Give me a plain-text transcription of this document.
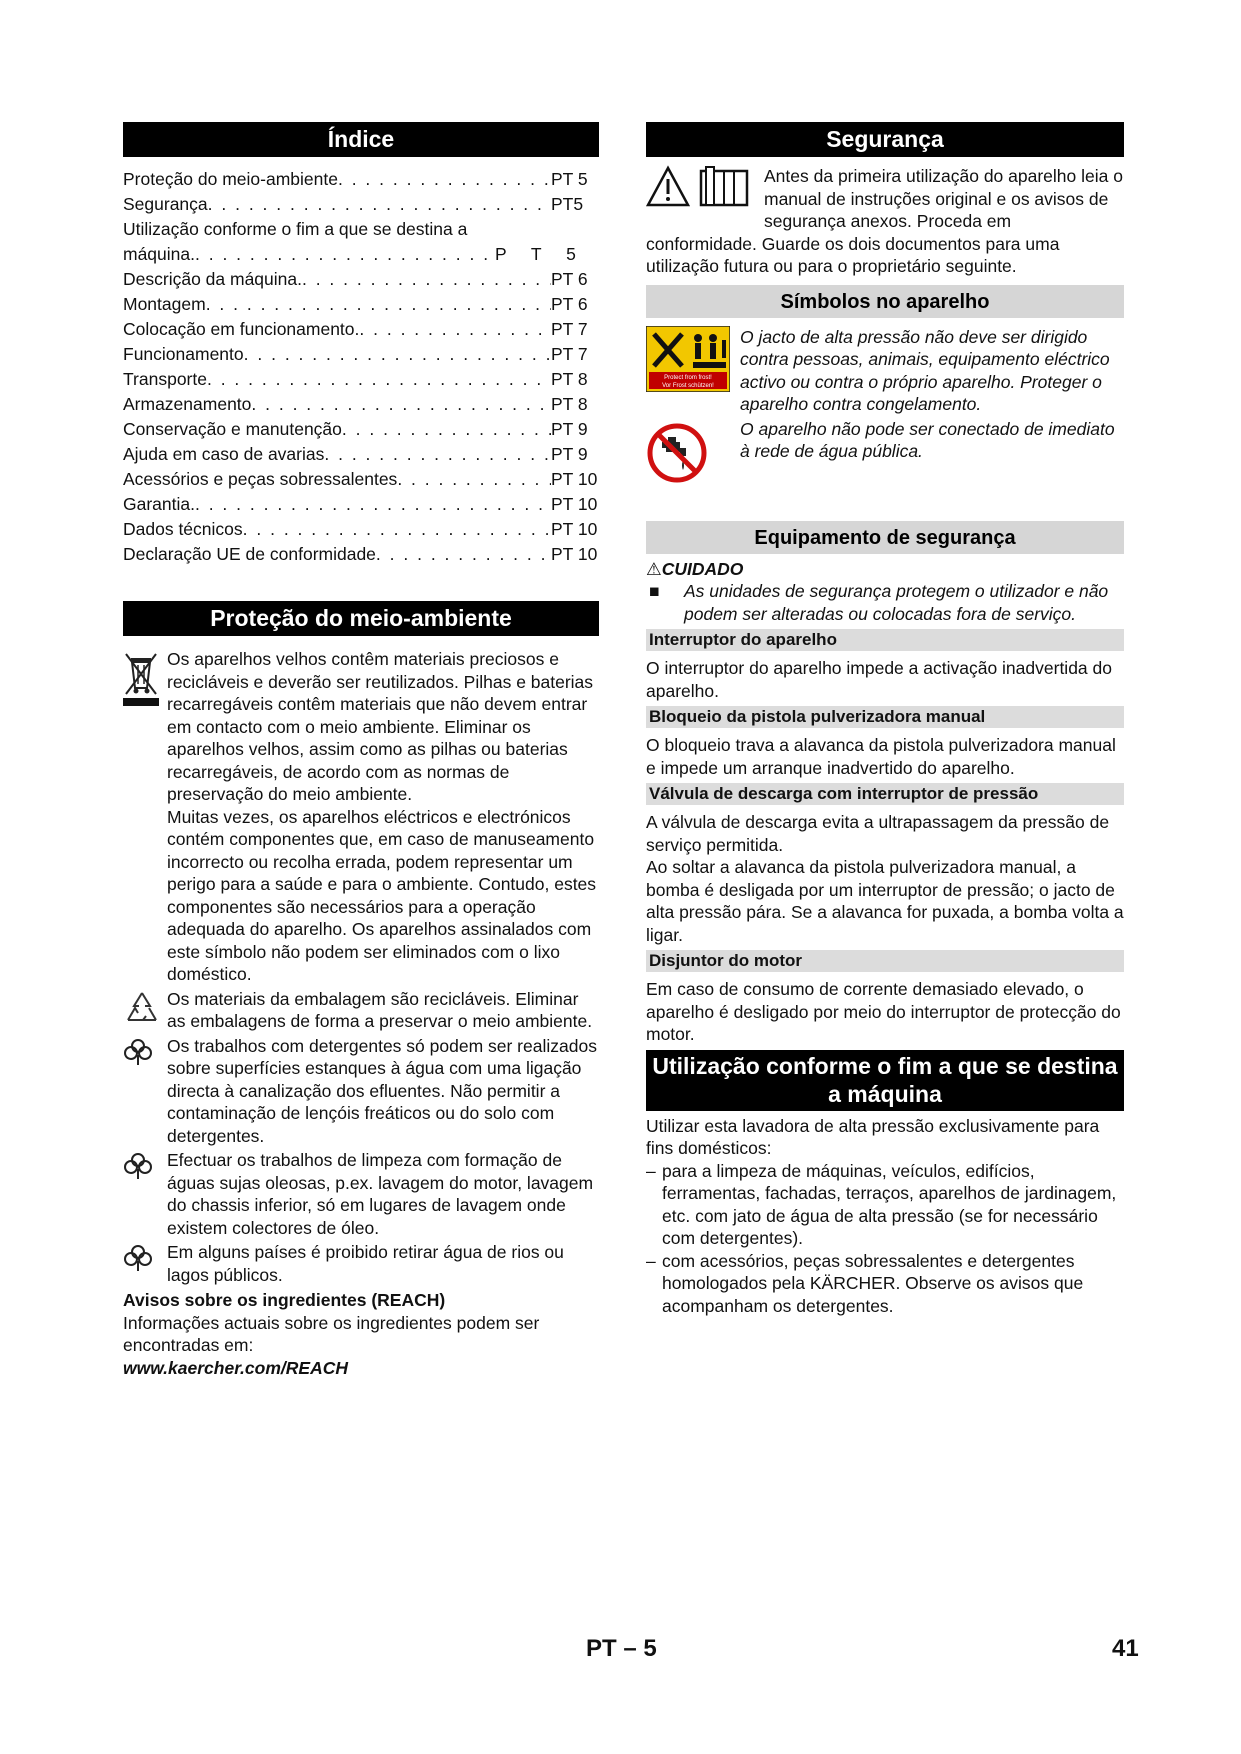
Índice
Proteção do meio-ambiente . . .	PT 5
Segurança . . .	PT5
Utilização conforme o fim a que se destina a
máquina. . . .	P T 5
Descrição da máquina. . . .	PT 6
Montagem . . .	PT 6
Colocação em funcionamento. . . .	PT 7
Funcionamento . . .	PT 7
Transporte . . .	PT 8
Armazenamento . . .	PT 8
Conservação e manutenção . . .	PT 9
Ajuda em caso de avarias . . .	PT 9
Acessórios e peças sobressalentes . . .	PT 10
Garantia. . . .	PT 10
Dados técnicos . . .	PT 10
Declaração UE de conformidade . . .	PT 10
Proteção do meio-ambiente

Os aparelhos velhos contêm materiais preciosos e recicláveis e deverão ser reutilizados. Pilhas e baterias recarregáveis contêm materiais que não devem entrar em contacto com o meio ambiente. Eliminar os aparelhos velhos, assim como as pilhas ou baterias recarregáveis, de acordo com as normas de preservação do meio ambiente.

Muitas vezes, os aparelhos eléctricos e electrónicos contém componentes que, em caso de manuseamento incorrecto ou recolha errada, podem representar um perigo para a saúde e para o ambiente. Contudo, estes componentes são necessários para a operação adequada do aparelho. Os aparelhos assinalados com este símbolo não podem ser eliminados com o lixo doméstico.

Os materiais da embalagem são recicláveis. Eliminar as embalagens de forma a preservar o meio ambiente.

Os trabalhos com detergentes só podem ser realizados sobre superfícies estanques à água com uma ligação directa à canalização dos efluentes. Não permitir a contaminação de lençóis freáticos ou do solo com detergentes.

Efectuar os trabalhos de limpeza com formação de águas sujas oleosas, p.ex. lavagem do motor, lavagem do chassis inferior, só em lugares de lavagem onde existem colectores de óleo.

Em alguns países é proibido retirar água de rios ou lagos públicos.

Avisos sobre os ingredientes (REACH)

Informações actuais sobre os ingredientes podem ser encontradas em:

www.kaercher.com/REACH
Segurança

Antes da primeira utilização do aparelho leia o manual de instruções original e os avisos de segurança anexos. Proceda em conformidade. Guarde os dois documentos para uma utilização futura ou para o proprietário seguinte.

Símbolos no aparelho
Protect from frost!
Vor Frost schützen!

O jacto de alta pressão não deve ser dirigido contra pessoas, animais, equipamento eléctrico activo ou contra o próprio aparelho. Proteger o aparelho contra congelamento.

O aparelho não pode ser conectado de imediato à rede de água pública.

Equipamento de segurança
⚠CUIDADO
■	As unidades de segurança protegem o utilizador e não podem ser alteradas ou colocadas fora de serviço.
Interruptor do aparelho

O interruptor do aparelho impede a activação inadvertida do aparelho.

Bloqueio da pistola pulverizadora manual

O bloqueio trava a alavanca da pistola pulverizadora manual e impede um arranque inadvertido do aparelho.

Válvula de descarga com interruptor de pressão

A válvula de descarga evita a ultrapassagem da pressão de serviço permitida.

Ao soltar a alavanca da pistola pulverizadora manual, a bomba é desligada por um interruptor de pressão; o jacto de alta pressão pára. Se a alavanca for puxada, a bomba volta a ligar.

Disjuntor do motor

Em caso de consumo de corrente demasiado elevado, o aparelho é desligado por meio do interruptor de protecção do motor.

Utilização conforme o fim a que se destina a máquina

Utilizar esta lavadora de alta pressão exclusivamente para fins domésticos:

– para a limpeza de máquinas, veículos, edifícios, ferramentas, fachadas, terraços, aparelhos de jardinagem, etc. com jato de água de alta pressão (se for necessário com detergentes).
– com acessórios, peças sobressalentes e detergentes homologados pela KÄRCHER. Observe os avisos que acompanham os detergentes.
PT – 5	41
